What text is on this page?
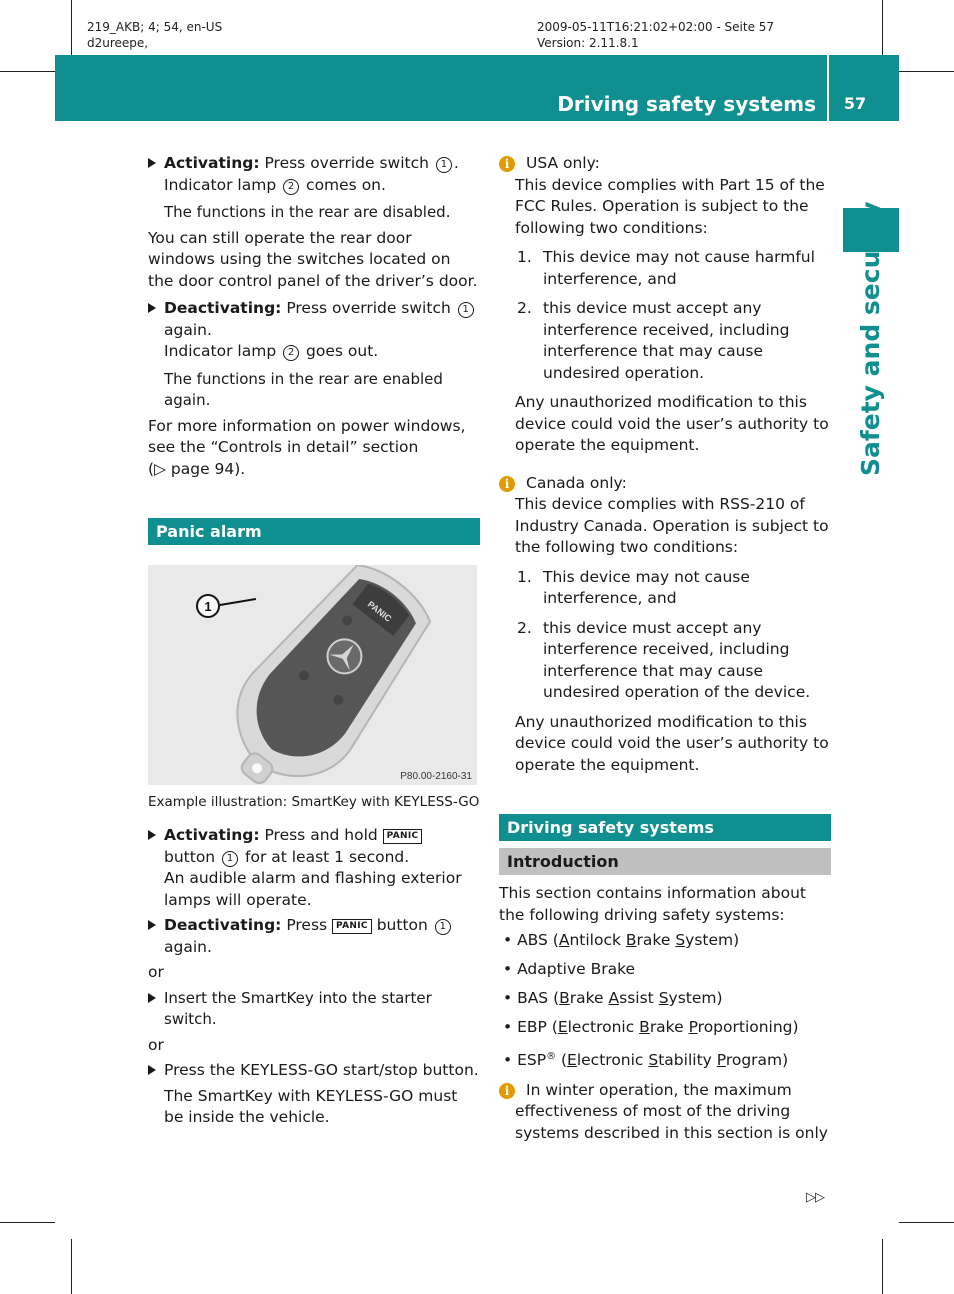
219_AKB; 4; 54, en-US
d2ureepe,
2009-05-11T16:21:02+02:00 - Seite 57
Version: 2.11.8.1
Driving safety systems	57
Safety and security

Activating: Press override switch 1 .

Indicator lamp 2 comes on.

The functions in the rear are disabled.

You can still operate the rear door windows using the switches located on the door control panel of the driver’s door.

Deactivating: Press override switch 1 again.

Indicator lamp 2 goes out.

The functions in the rear are enabled again.

For more information on power windows, see the “Controls in detail” section

(▷ page 94).

Panic alarm
PANIC
1
P80.00-2160-31

Example illustration: SmartKey with KEYLESS-GO

Activating: Press and hold PANIC

button 1 for at least 1 second.

An audible alarm and flashing exterior lamps will operate.

Deactivating: Press PANIC button 1 again.

or

Insert the SmartKey into the starter switch.

or

Press the KEYLESS-GO start/stop button.

The SmartKey with KEYLESS-GO must be inside the vehicle.

i	USA only:

This device complies with Part 15 of the FCC Rules. Operation is subject to the following two conditions:

1. This device may not cause harmful interference, and

2. this device must accept any interference received, including interference that may cause undesired operation.

Any unauthorized modification to this device could void the user’s authority to operate the equipment.

i	Canada only:

This device complies with RSS-210 of Industry Canada. Operation is subject to the following two conditions:

1. This device may not cause interference, and

2. this device must accept any interference received, including interference that may cause undesired operation of the device.

Any unauthorized modification to this device could void the user’s authority to operate the equipment.

Driving safety systems
Introduction

This section contains information about the following driving safety systems:

• ABS (Antilock Brake System)

• Adaptive Brake

• BAS (Brake Assist System)

• EBP (Electronic Brake Proportioning)

• ESP® (Electronic Stability Program)

i	In winter operation, the maximum effectiveness of most of the driving systems described in this section is only

▷▷
